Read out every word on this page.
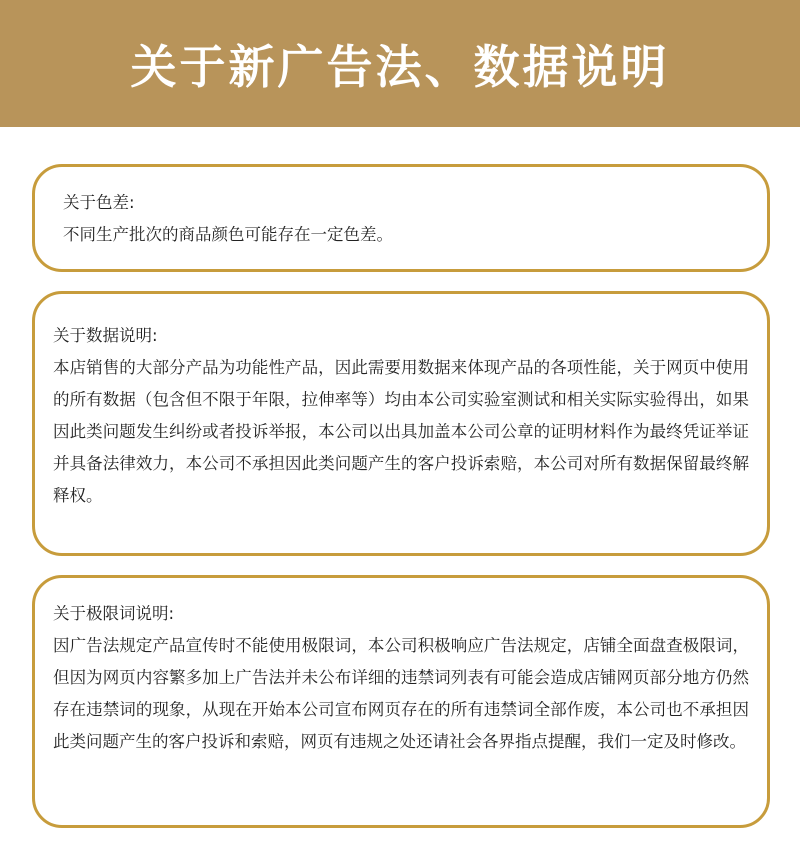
关于新广告法、数据说明
关于色差:
不同生产批次的商品颜色可能存在一定色差。
关于数据说明:
本店销售的大部分产品为功能性产品，因此需要用数据来体现产品的各项性能，关于网页中使用的所有数据（包含但不限于年限，拉伸率等）均由本公司实验室测试和相关实际实验得出，如果因此类问题发生纠纷或者投诉举报，本公司以出具加盖本公司公章的证明材料作为最终凭证举证并具备法律效力，本公司不承担因此类问题产生的客户投诉索赔，本公司对所有数据保留最终解释权。
关于极限词说明:
因广告法规定产品宣传时不能使用极限词，本公司积极响应广告法规定，店铺全面盘查极限词，但因为网页内容繁多加上广告法并未公布详细的违禁词列表有可能会造成店铺网页部分地方仍然存在违禁词的现象，从现在开始本公司宣布网页存在的所有违禁词全部作废，本公司也不承担因此类问题产生的客户投诉和索赔，网页有违规之处还请社会各界指点提醒，我们一定及时修改。
